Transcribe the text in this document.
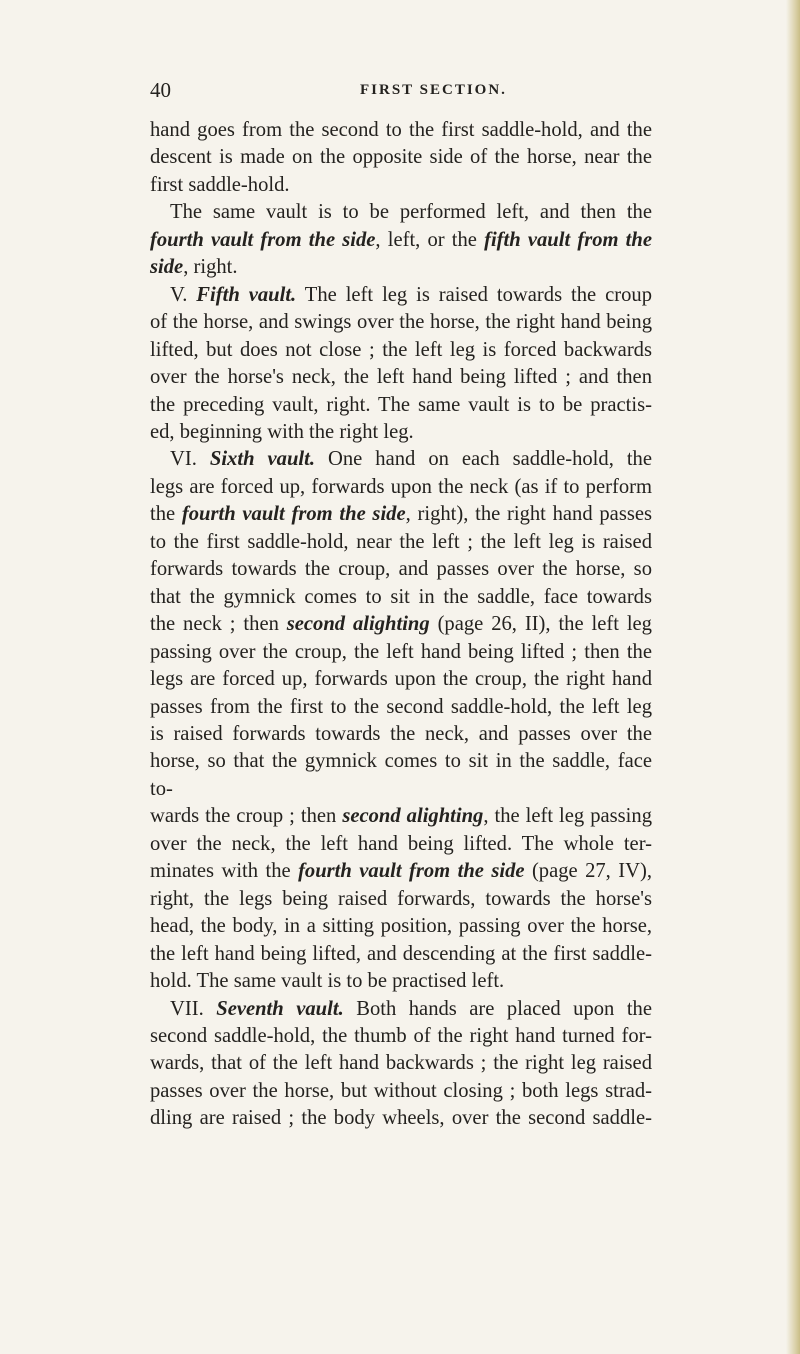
40	FIRST SECTION.

hand goes from the second to the first saddle-hold, and the

descent is made on the opposite side of the horse, near the

first saddle-hold.

The same vault is to be performed left, and then the

fourth vault from the side, left, or the fifth vault from the

side, right.

V. Fifth vault. The left leg is raised towards the croup

of the horse, and swings over the horse, the right hand being

lifted, but does not close ; the left leg is forced backwards

over the horse's neck, the left hand being lifted ; and then

the preceding vault, right. The same vault is to be practis-

ed, beginning with the right leg.

VI. Sixth vault. One hand on each saddle-hold, the

legs are forced up, forwards upon the neck (as if to perform

the fourth vault from the side, right), the right hand passes

to the first saddle-hold, near the left ; the left leg is raised

forwards towards the croup, and passes over the horse, so

that the gymnick comes to sit in the saddle, face towards

the neck ; then second alighting (page 26, II), the left leg

passing over the croup, the left hand being lifted ; then the

legs are forced up, forwards upon the croup, the right hand

passes from the first to the second saddle-hold, the left leg

is raised forwards towards the neck, and passes over the

horse, so that the gymnick comes to sit in the saddle, face to-

wards the croup ; then second alighting, the left leg passing

over the neck, the left hand being lifted. The whole ter-

minates with the fourth vault from the side (page 27, IV),

right, the legs being raised forwards, towards the horse's

head, the body, in a sitting position, passing over the horse,

the left hand being lifted, and descending at the first saddle-

hold. The same vault is to be practised left.

VII. Seventh vault. Both hands are placed upon the

second saddle-hold, the thumb of the right hand turned for-

wards, that of the left hand backwards ; the right leg raised

passes over the horse, but without closing ; both legs strad-

dling are raised ; the body wheels, over the second saddle-
